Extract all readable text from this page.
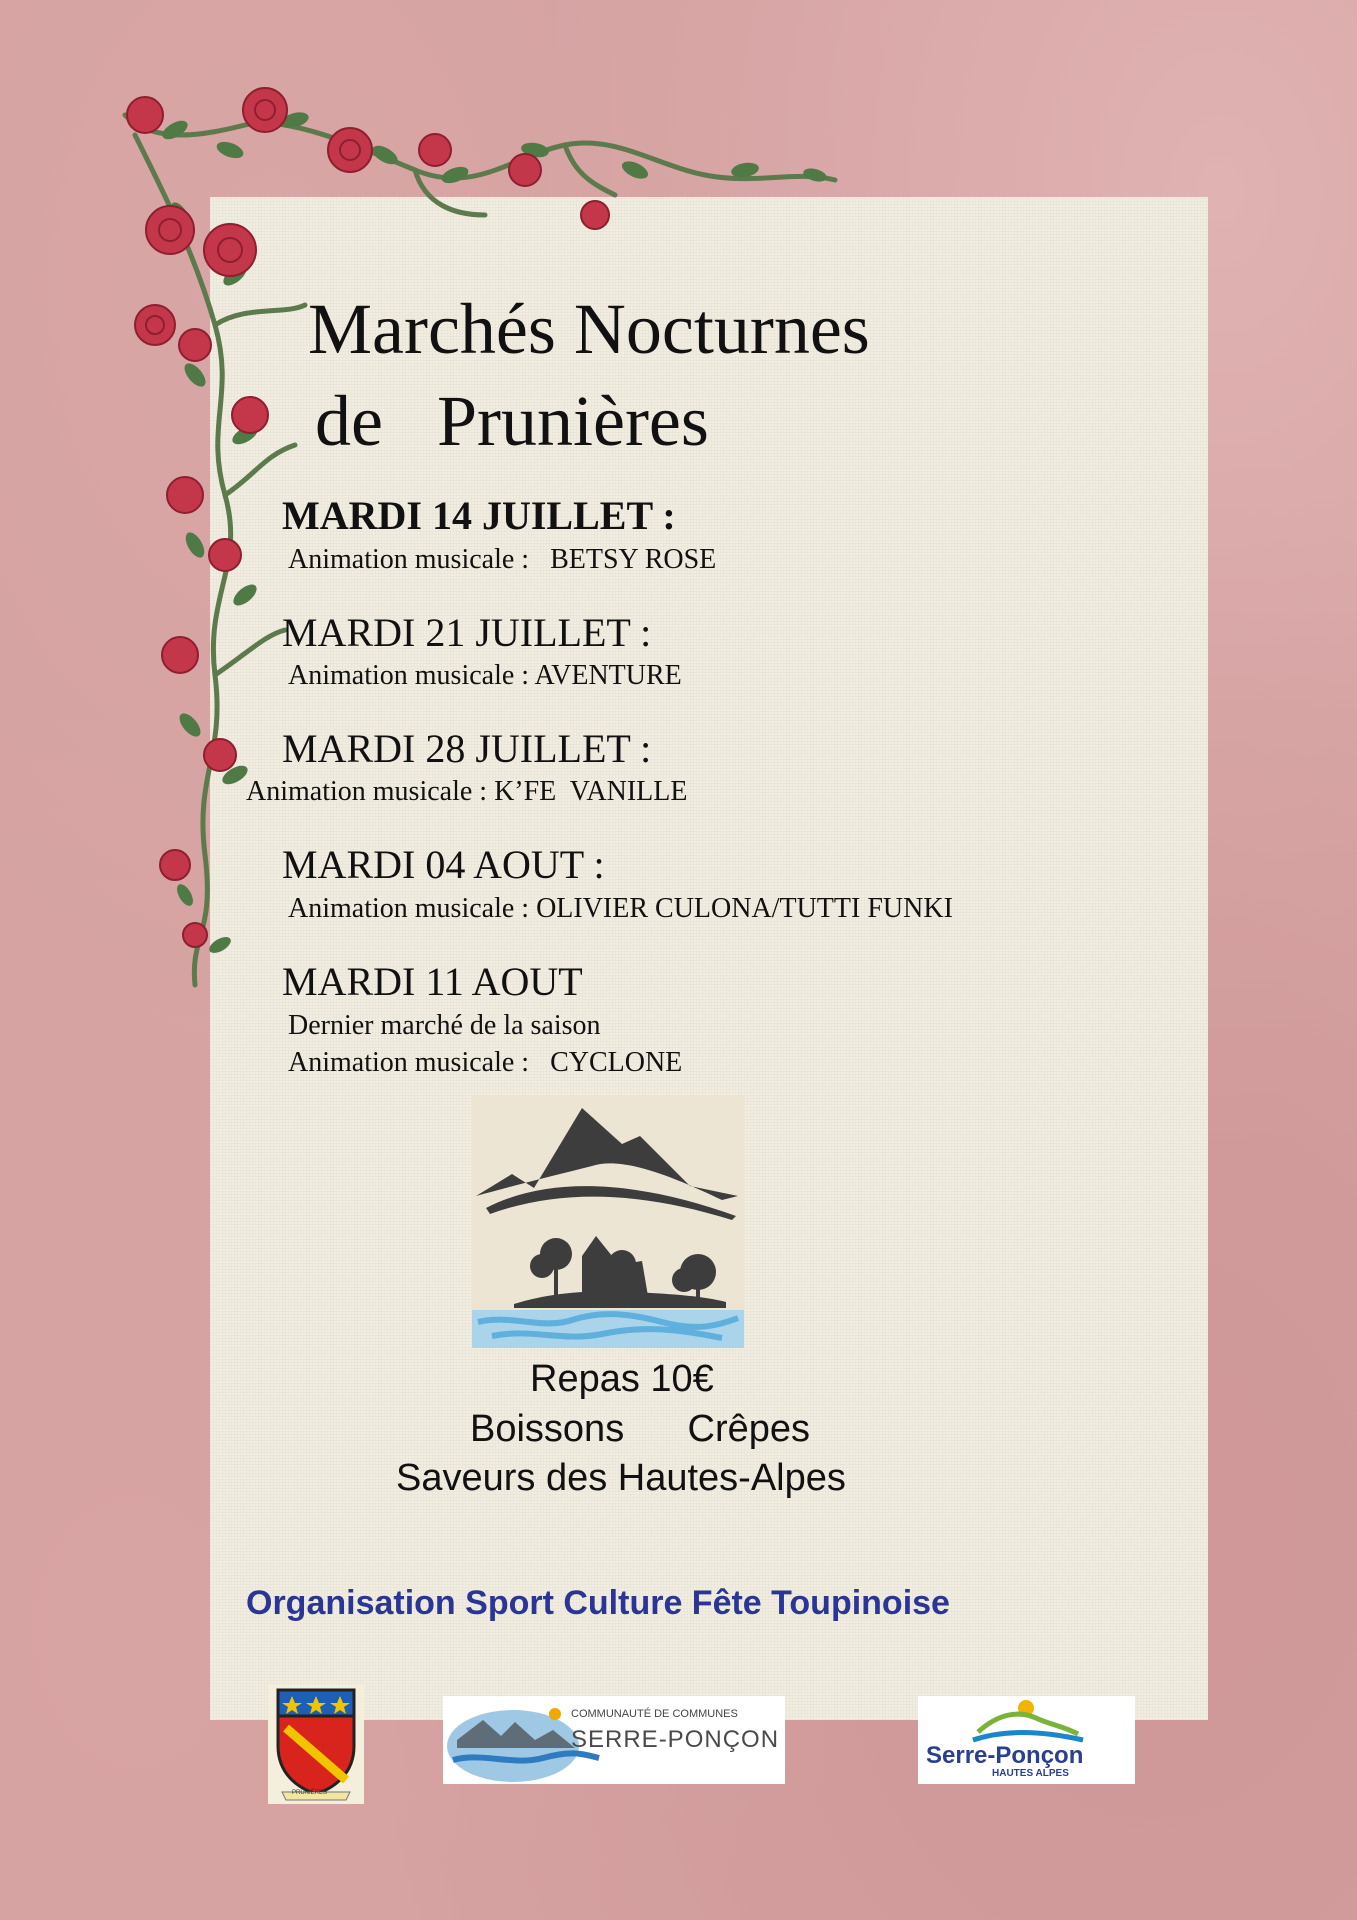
Marchés Nocturnes
de Prunières
MARDI 14 JUILLET :
Animation musicale :   BETSY ROSE
MARDI 21 JUILLET :
Animation musicale : AVENTURE
MARDI 28 JUILLET :
Animation musicale : K’FE  VANILLE
MARDI 04 AOUT :
Animation musicale : OLIVIER CULONA/TUTTI FUNKI
MARDI 11 AOUT
Dernier marché de la saison
Animation musicale :   CYCLONE
Repas 10€
Boissons      Crêpes
Saveurs des Hautes-Alpes
Organisation Sport Culture Fête Toupinoise
PRUNIÈRES
COMMUNAUTÉ DE COMMUNES
SERRE-PONÇON
Serre-Ponçon
HAUTES ALPES
